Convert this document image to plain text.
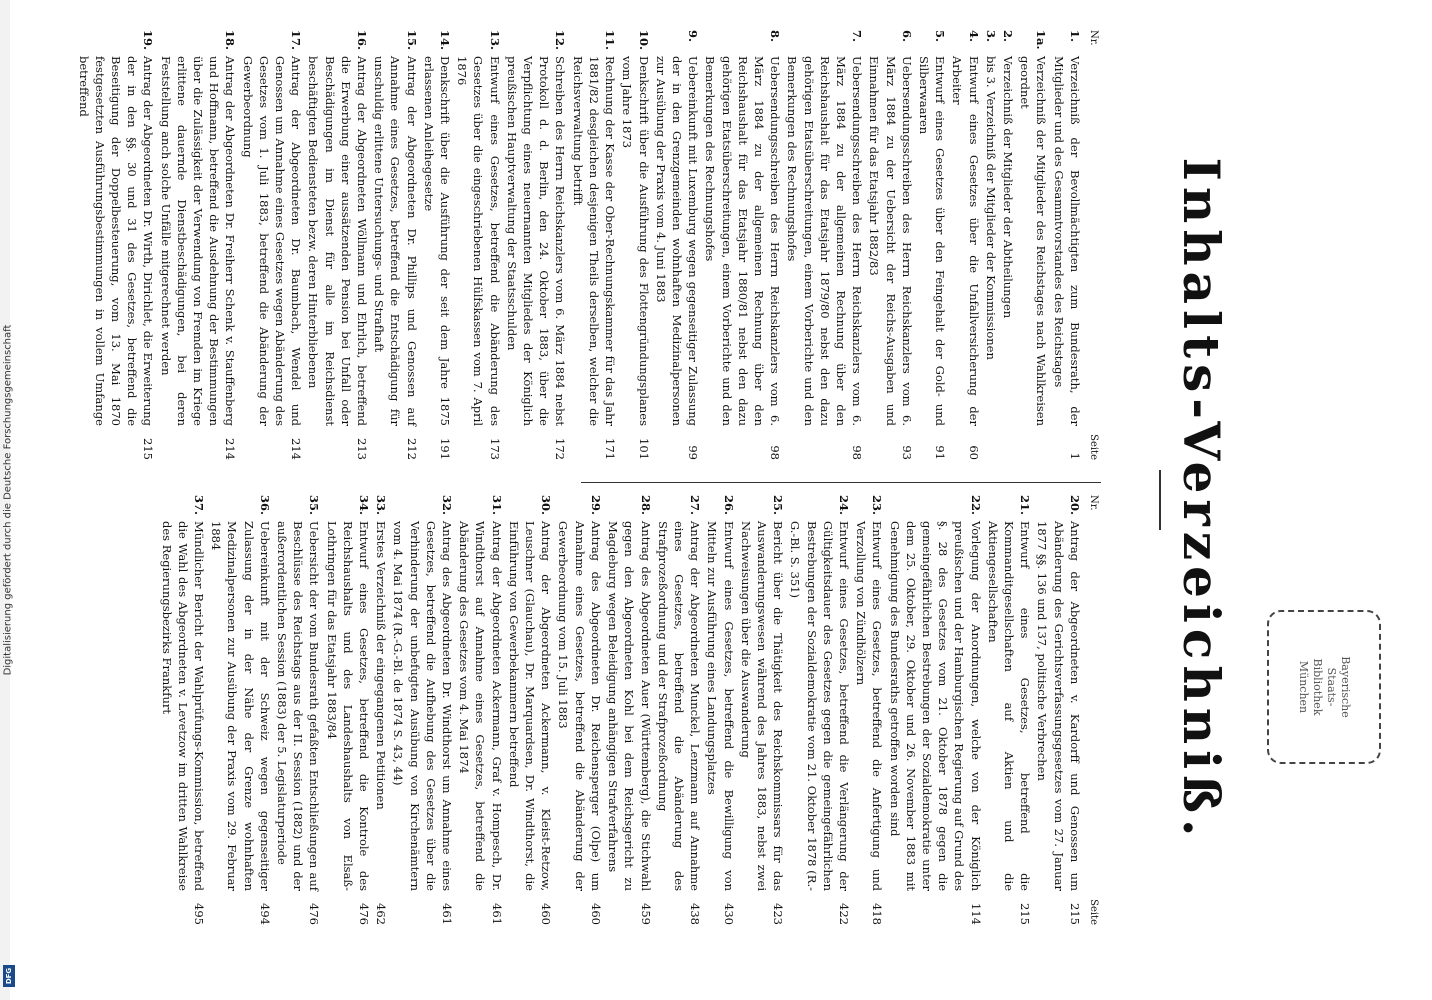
Digitalisierung gefördert durch die Deutsche Forschungsgemeinschaft
DFG
Bayerische
Staats-
Bibliothek
München
Inhalts-Verzeichniß.
Nr.
Seite
1.
Verzeichniß der Bevollmächtigten zum Bundesrath, der Mitglieder und des Gesammtvorstandes des Reichstages
1
1a.
Verzeichniß der Mitglieder des Reichstages nach Wahlkreisen geordnet
2.
Verzeichniß der Mitglieder der Abtheilungen
3.
bis 3. Verzeichniß der Mitglieder der Kommissionen
4.
Entwurf eines Gesetzes über die Unfallversicherung der Arbeiter
60
5.
Entwurf eines Gesetzes über den Feingehalt der Gold- und Silberwaaren
91
6.
Uebersendungsschreiben des Herrn Reichskanzlers vom 6. März 1884 zu der Uebersicht der Reichs-Ausgaben und Einnahmen für das Etatsjahr 1882/83
93
7.
Uebersendungsschreiben des Herrn Reichskanzlers vom 6. März 1884 zu der allgemeinen Rechnung über den Reichshaushalt für das Etatsjahr 1879/80 nebst den dazu gehörigen Etatsüberschreitungen, einem Vorberichte und den Bemerkungen des Rechnungshofes
98
8.
Uebersendungsschreiben des Herrn Reichskanzlers vom 6. März 1884 zu der allgemeinen Rechnung über den Reichshaushalt für das Etatsjahr 1880/81 nebst den dazu gehörigen Etatsüberschreitungen, einem Vorberichte und den Bemerkungen des Rechnungshofes
98
9.
Uebereinkunft mit Luxemburg wegen gegenseitiger Zulassung der in den Grenzgemeinden wohnhaften Medizinalpersonen zur Ausübung der Praxis vom 4. Juni 1883
99
10.
Denkschrift über die Ausführung des Flottengründungsplanes vom Jahre 1873
101
11.
Rechnung der Kasse der Ober-Rechnungskammer für das Jahr 1881/82 desgleichen desjenigen Theils derselben, welcher die Reichsverwaltung betrifft
171
12.
Schreiben des Herrn Reichskanzlers vom 6. März 1884 nebst Protokoll d. d. Berlin, den 24. Oktober 1883, über die Verpflichtung eines neuernannten Mitgliedes der Königlich preußischen Hauptverwaltung der Staatsschulden
172
13.
Entwurf eines Gesetzes, betreffend die Abänderung des Gesetzes über die eingeschriebenen Hülfskassen vom 7. April 1876
173
14.
Denkschrift über die Ausführung der seit dem Jahre 1875 erlassenen Anleihegesetze
191
15.
Antrag der Abgeordneten Dr. Phillips und Genossen auf Annahme eines Gesetzes, betreffend die Entschädigung für unschuldig erlittene Untersuchungs- und Strafhaft
212
16.
Antrag der Abgeordneten Wöllmann und Ehrlich, betreffend die Erwerbung einer aussätzenden Pension bei Unfall oder Beschädigungen im Dienst für alle im Reichsdienst beschäftigten Bediensteten bezw. deren Hinterbliebenen
213
17.
Antrag der Abgeordneten Dr. Baumbach, Wendel und Genossen um Annahme eines Gesetzes wegen Abänderung des Gesetzes vom 1. Juli 1883, betreffend die Abänderung der Gewerbeordnung
214
18.
Antrag der Abgeordneten Dr. Freiherr Schenk v. Stauffenberg und Hoffmann, betreffend die Ausdehnung der Bestimmungen über die Zulässigkeit der Verwendung von Fremden im Kriege erlittene dauernde Dienstbeschädigungen, bei deren Feststellung anch solche Unfälle mitgerechnet werden
214
19.
Antrag der Abgeordneten Dr. Wirth, Dirichlet, die Erweiterung der in den §§. 30 und 31 des Gesetzes, betreffend die Beseitigung der Doppelbesteuerung, vom 13. Mai 1870 festgesetzten Ausführungsbestimmungen in vollem Umfange betreffend
215
Nr.
Seite
20.
Antrag der Abgeordneten v. Kardorff und Genossen um Abänderung des Gerichtsverfassungsgesetzes vom 27. Januar 1877 §§. 136 und 137, politische Verbrechen
215
21.
Entwurf eines Gesetzes, betreffend die Kommanditgesellschaften auf Aktien und die Aktiengesellschaften
215
22.
Vorlegung der Anordnungen, welche von der Königlich preußischen und der Hamburgischen Regierung auf Grund des §. 28 des Gesetzes vom 21. Oktober 1878 gegen die gemeingefährlichen Bestrebungen der Sozialdemokratie unter dem 25. Oktober, 29. Oktober und 26. November 1883 mit Genehmigung des Bundesraths getroffen worden sind
114
23.
Entwurf eines Gesetzes, betreffend die Anfertigung und Verzollung von Zündhölzern
418
24.
Entwurf eines Gesetzes, betreffend die Verlängerung der Gültigkeitsdauer des Gesetzes gegen die gemeingefährlichen Bestrebungen der Sozialdemokratie vom 21. Oktober 1878 (R.-G.-Bl. S. 351)
422
25.
Bericht über die Thätigkeit des Reichskommissars für das Auswanderungswesen während des Jahres 1883, nebst zwei Nachweisungen über die Auswanderung
423
26.
Entwurf eines Gesetzes, betreffend die Bewilligung von Mitteln zur Ausführung eines Landungsplatzes
430
27.
Antrag der Abgeordneten Munckel, Lenzmann auf Annahme eines Gesetzes, betreffend die Abänderung des Strafprozeßordnung und der Strafprozeßordnung
438
28.
Antrag des Abgeordneten Auer (Württemberg), die Stichwahl gegen den Abgeordneten Kohl bei dem Reichsgericht zu Magdeburg wegen Beleidigung anhängigen Strafverfahrens
459
29.
Antrag des Abgeordneten Dr. Reichensperger (Olpe) um Annahme eines Gesetzes, betreffend die Abänderung der Gewerbeordnung vom 15. Juli 1883
460
30.
Antrag der Abgeordneten Ackermann, v. Kleist-Retzow, Leuschner (Glauchau), Dr. Marquardsen, Dr. Windthorst, die Einführung von Gewerbekammern betreffend
460
31.
Antrag der Abgeordneten Ackermann, Graf v. Hompesch, Dr. Windthorst auf Annahme eines Gesetzes, betreffend die Abänderung des Gesetzes vom 4. Mai 1874
461
32.
Antrag des Abgeordneten Dr. Windthorst um Annahme eines Gesetzes, betreffend die Aufhebung des Gesetzes über die Verhinderung der unbefugten Ausübung von Kirchenämtern vom 4. Mai 1874 (R.-G.-Bl. de 1874 S. 43, 44)
461
33.
Erstes Verzeichniß der eingegangenen Petitionen
462
34.
Entwurf eines Gesetzes, betreffend die Kontrole des Reichshaushalts und des Landeshaushalts von Elsaß-Lothringen für das Etatsjahr 1883/84
476
35.
Uebersicht der vom Bundesrath gefaßten Entschließungen auf Beschlüsse des Reichstags aus der II. Session (1882) und der außerordentlichen Session (1883) der 5. Legislaturperiode
476
36.
Uebereinkunft mit der Schweiz wegen gegenseitiger Zulassung der in der Nähe der Grenze wohnhaften Medizinalpersonen zur Ausübung der Praxis vom 29. Februar 1884
494
37.
Mündlicher Bericht der Wahlprüfungs-Kommission, betreffend die Wahl des Abgeordneten v. Levetzow im dritten Wahlkreise des Regierungsbezirks Frankfurt
495
